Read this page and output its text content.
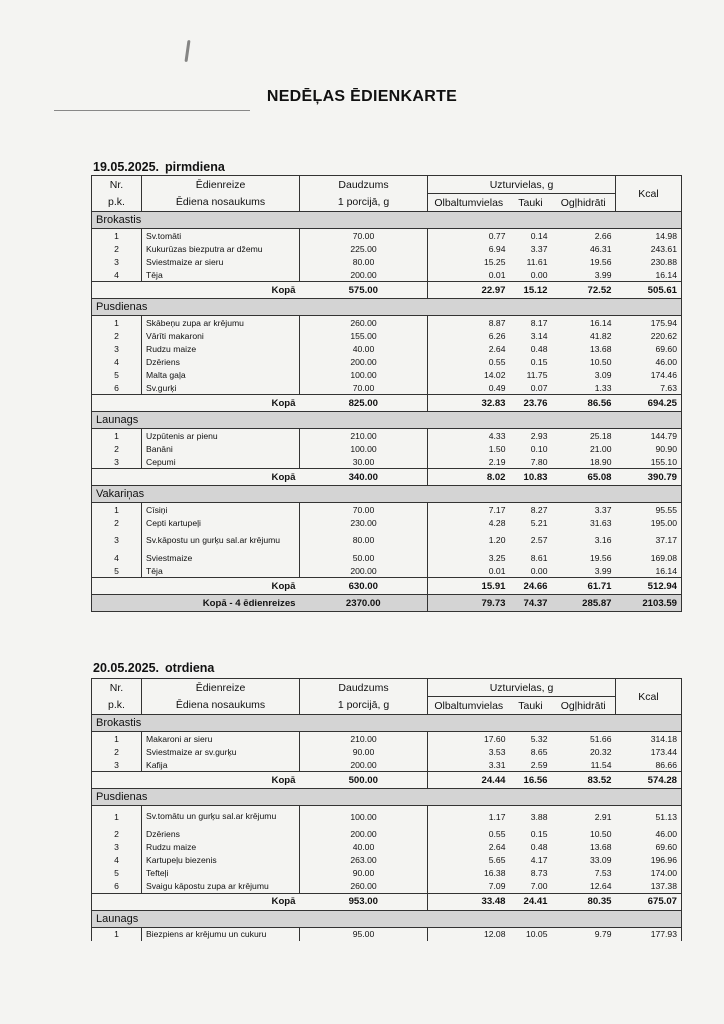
NEDĒĻAS ĒDIENKARTE
19.05.2025. pirmdiena
Nr.	Ēdienreize	Daudzums	Uzturvielas, g			Kcal
p.k.	Ēdiena nosaukums	1 porcijā, g	Olbaltumvielas	Tauki	Ogļhidrāti	
Brokastis						
1	Sv.tomāti	70.00	0.77	0.14	2.66	14.98
2	Kukurūzas biezputra ar džemu	225.00	6.94	3.37	46.31	243.61
3	Sviestmaize ar sieru	80.00	15.25	11.61	19.56	230.88
4	Tēja	200.00	0.01	0.00	3.99	16.14
	Kopā	575.00	22.97	15.12	72.52	505.61
Pusdienas						
1	Skābeņu zupa ar krējumu	260.00	8.87	8.17	16.14	175.94
2	Vārīti makaroni	155.00	6.26	3.14	41.82	220.62
3	Rudzu maize	40.00	2.64	0.48	13.68	69.60
4	Dzēriens	200.00	0.55	0.15	10.50	46.00
5	Malta gaļa	100.00	14.02	11.75	3.09	174.46
6	Sv.gurķi	70.00	0.49	0.07	1.33	7.63
	Kopā	825.00	32.83	23.76	86.56	694.25
Launags						
1	Uzpūtenis ar pienu	210.00	4.33	2.93	25.18	144.79
2	Banāni	100.00	1.50	0.10	21.00	90.90
3	Cepumi	30.00	2.19	7.80	18.90	155.10
	Kopā	340.00	8.02	10.83	65.08	390.79
Vakariņas						
1	Cīsiņi	70.00	7.17	8.27	3.37	95.55
2	Cepti kartupeļi	230.00	4.28	5.21	31.63	195.00
3	Sv.kāpostu un gurķu sal.ar krējumu	80.00	1.20	2.57	3.16	37.17
4	Sviestmaize	50.00	3.25	8.61	19.56	169.08
5	Tēja	200.00	0.01	0.00	3.99	16.14
	Kopā	630.00	15.91	24.66	61.71	512.94
	Kopā - 4 ēdienreizes	2370.00	79.73	74.37	285.87	2103.59
20.05.2025. otrdiena
Nr.	Ēdienreize	Daudzums	Uzturvielas, g			Kcal
p.k.	Ēdiena nosaukums	1 porcijā, g	Olbaltumvielas	Tauki	Ogļhidrāti	
Brokastis						
1	Makaroni ar sieru	210.00	17.60	5.32	51.66	314.18
2	Sviestmaize ar sv.gurķu	90.00	3.53	8.65	20.32	173.44
3	Kafija	200.00	3.31	2.59	11.54	86.66
	Kopā	500.00	24.44	16.56	83.52	574.28
Pusdienas						
1	Sv.tomātu un gurķu sal.ar krējumu	100.00	1.17	3.88	2.91	51.13
2	Dzēriens	200.00	0.55	0.15	10.50	46.00
3	Rudzu maize	40.00	2.64	0.48	13.68	69.60
4	Kartupeļu biezenis	263.00	5.65	4.17	33.09	196.96
5	Tefteļi	90.00	16.38	8.73	7.53	174.00
6	Svaigu kāpostu zupa ar krējumu	260.00	7.09	7.00	12.64	137.38
	Kopā	953.00	33.48	24.41	80.35	675.07
Launags						
1	Biezpiens ar krējumu un cukuru	95.00	12.08	10.05	9.79	177.93
